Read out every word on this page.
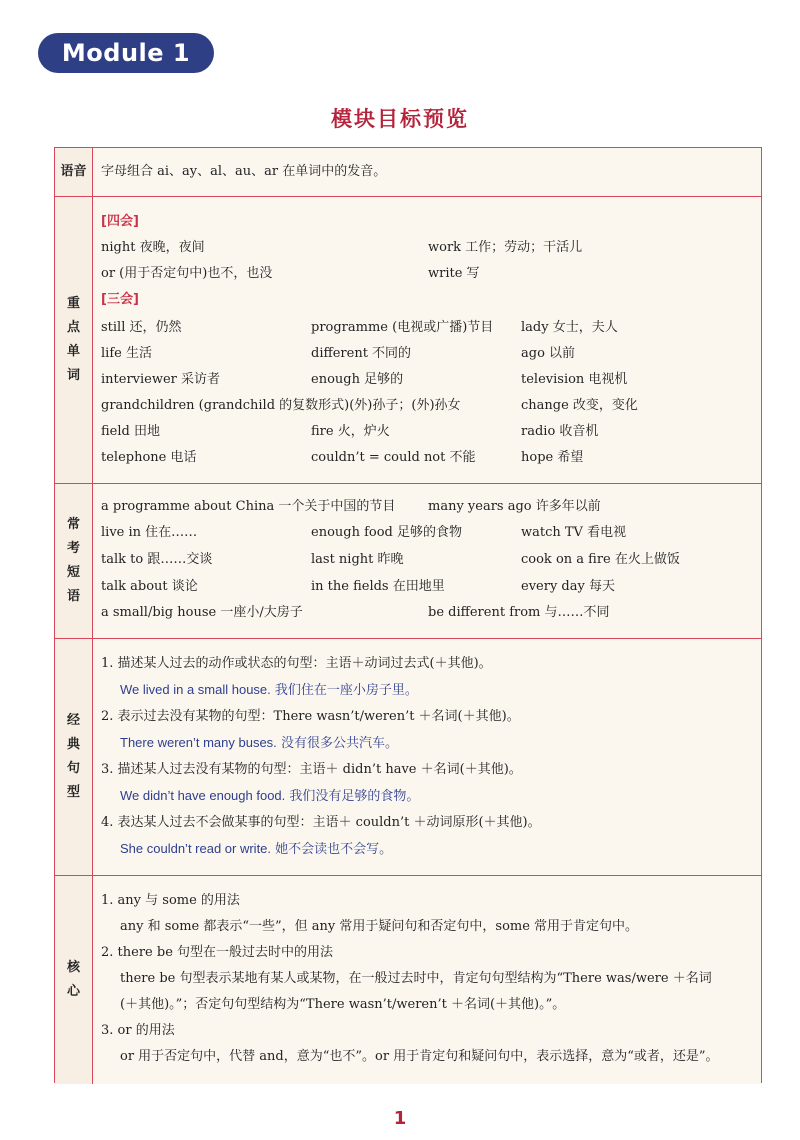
Module 1
模块目标预览
语音 字母组合 ai、ay、al、au、ar 在单词中的发音。
重
点
单
词
[四会]
night 夜晚，夜间	work 工作；劳动；干活儿
or (用于否定句中)也不，也没	write 写
[三会]
still 还，仍然	programme (电视或广播)节目 lady 女士，夫人
life 生活	different 不同的	ago 以前
interviewer 采访者	enough 足够的	television 电视机
grandchildren (grandchild 的复数形式)(外)孙子；(外)孙女	change 改变，变化
field 田地	fire 火，炉火	radio 收音机
telephone 电话	couldn’t = could not 不能	hope 希望
常
考
短
语
a programme about China 一个关于中国的节目	many years ago 许多年以前
live in 住在……	enough food 足够的食物	watch TV 看电视
talk to 跟……交谈	last night 昨晚	cook on a fire 在火上做饭
talk about 谈论	in the fields 在田地里	every day 每天
a small/big house 一座小/大房子	be different from 与……不同
经
典
句
型
1. 描述某人过去的动作或状态的句型：主语＋动词过去式(＋其他)。
We lived in a small house. 我们住在一座小房子里。
2. 表示过去没有某物的句型：There wasn’t/weren’t ＋名词(＋其他)。
There weren’t many buses. 没有很多公共汽车。
3. 描述某人过去没有某物的句型：主语＋ didn’t have ＋名词(＋其他)。
We didn’t have enough food. 我们没有足够的食物。
4. 表达某人过去不会做某事的句型：主语＋ couldn’t ＋动词原形(＋其他)。
She couldn’t read or write. 她不会读也不会写。
核
心
1. any 与 some 的用法
any 和 some 都表示“一些”，但 any 常用于疑问句和否定句中，some 常用于肯定句中。
2. there be 句型在一般过去时中的用法
there be 句型表示某地有某人或某物，在一般过去时中，肯定句句型结构为“There was/were ＋名词
(＋其他)。”；否定句句型结构为“There wasn’t/weren’t ＋名词(＋其他)。”。
3. or 的用法
or 用于否定句中，代替 and，意为“也不”。or 用于肯定句和疑问句中，表示选择，意为“或者，还是”。
1
